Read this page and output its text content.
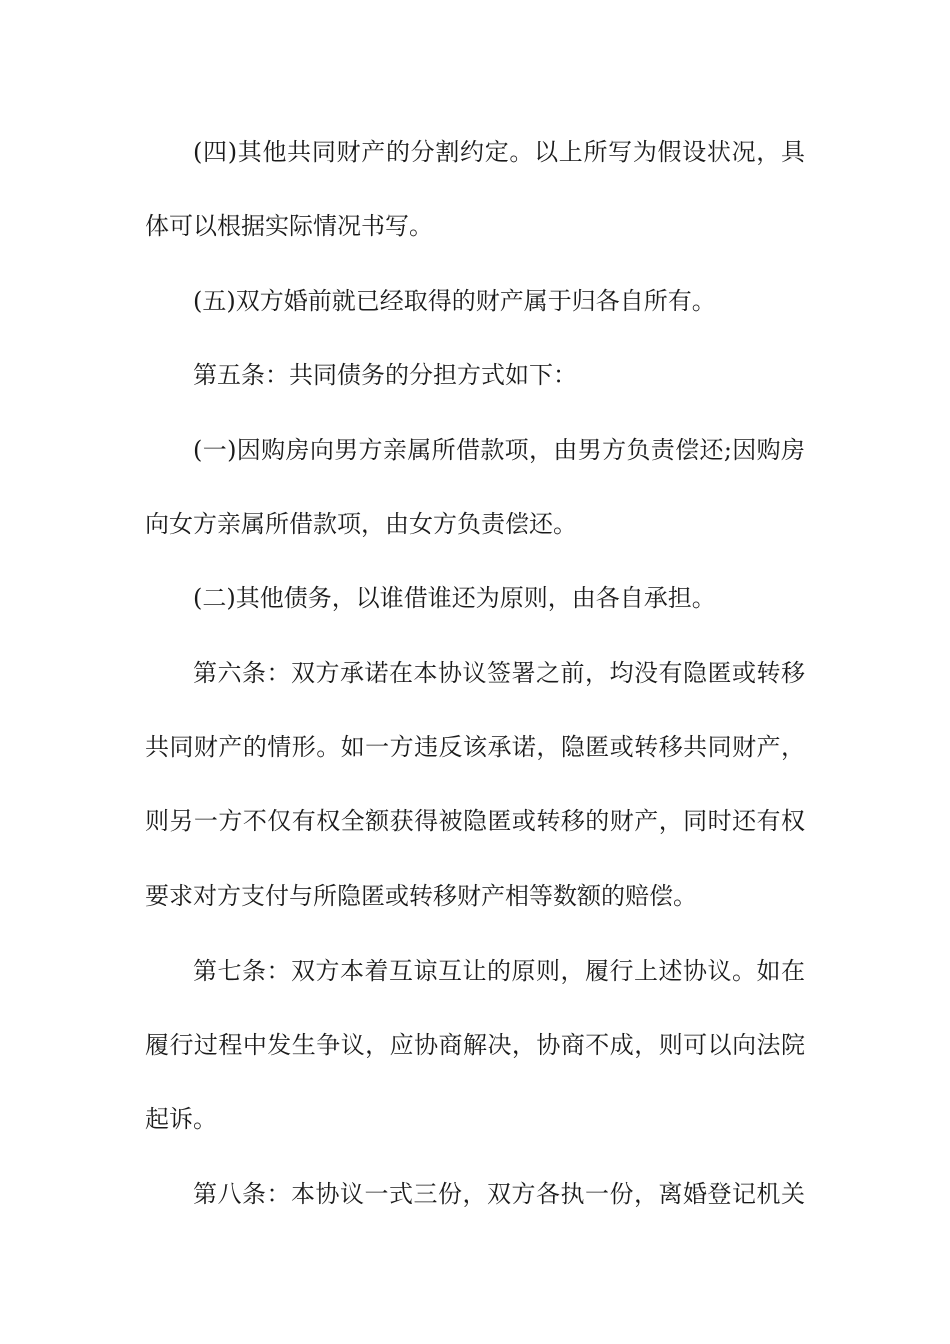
(四)其他共同财产的分割约定。以上所写为假设状况，具
体可以根据实际情况书写。
(五)双方婚前就已经取得的财产属于归各自所有。
第五条：共同债务的分担方式如下：
(一)因购房向男方亲属所借款项，由男方负责偿还;因购房
向女方亲属所借款项，由女方负责偿还。
(二)其他债务，以谁借谁还为原则，由各自承担。
第六条：双方承诺在本协议签署之前，均没有隐匿或转移
共同财产的情形。如一方违反该承诺，隐匿或转移共同财产，
则另一方不仅有权全额获得被隐匿或转移的财产，同时还有权
要求对方支付与所隐匿或转移财产相等数额的赔偿。
第七条：双方本着互谅互让的原则，履行上述协议。如在
履行过程中发生争议，应协商解决，协商不成，则可以向法院
起诉。
第八条：本协议一式三份，双方各执一份，离婚登记机关
